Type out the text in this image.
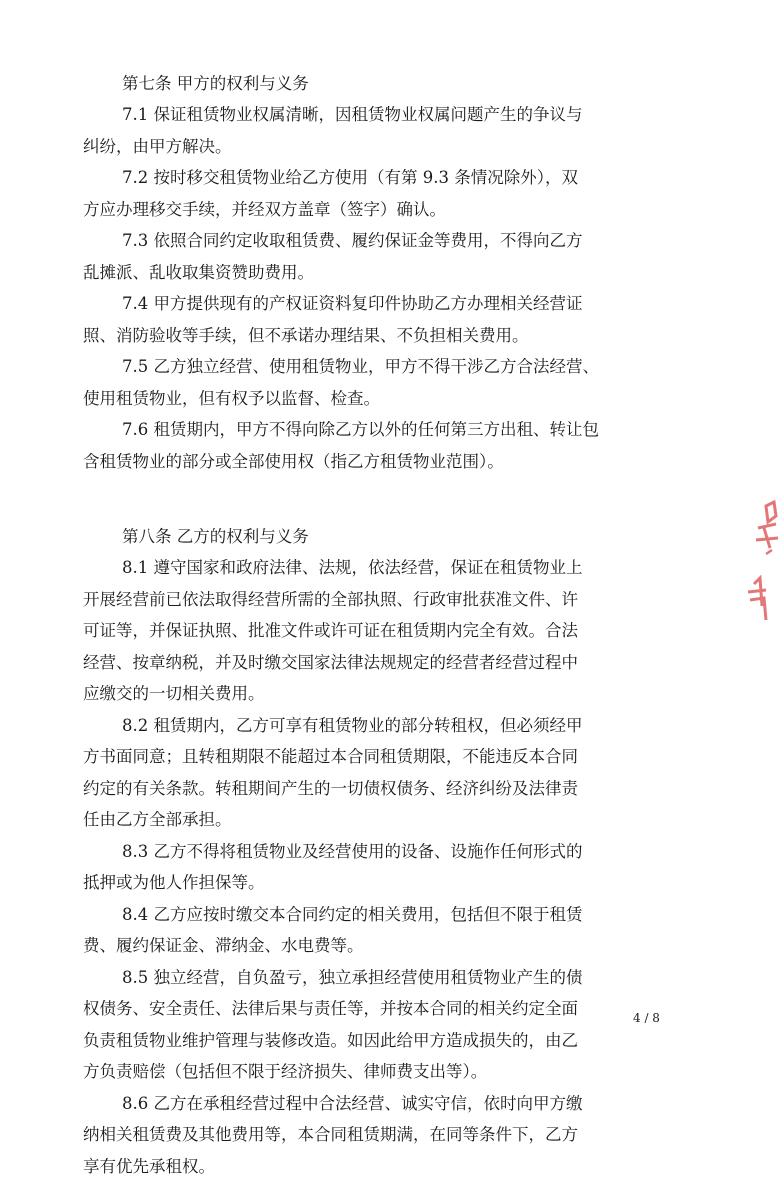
第七条 甲方的权利与义务

7.1 保证租赁物业权属清晰，因租赁物业权属问题产生的争议与

纠纷，由甲方解决。

7.2 按时移交租赁物业给乙方使用（有第 9.3 条情况除外），双

方应办理移交手续，并经双方盖章（签字）确认。

7.3 依照合同约定收取租赁费、履约保证金等费用，不得向乙方

乱摊派、乱收取集资赞助费用。

7.4 甲方提供现有的产权证资料复印件协助乙方办理相关经营证

照、消防验收等手续，但不承诺办理结果、不负担相关费用。

7.5 乙方独立经营、使用租赁物业，甲方不得干涉乙方合法经营、

使用租赁物业，但有权予以监督、检查。

7.6 租赁期内，甲方不得向除乙方以外的任何第三方出租、转让包

含租赁物业的部分或全部使用权（指乙方租赁物业范围）。

第八条 乙方的权利与义务

8.1 遵守国家和政府法律、法规，依法经营，保证在租赁物业上

开展经营前已依法取得经营所需的全部执照、行政审批获准文件、许

可证等，并保证执照、批准文件或许可证在租赁期内完全有效。合法

经营、按章纳税，并及时缴交国家法律法规规定的经营者经营过程中

应缴交的一切相关费用。

8.2 租赁期内，乙方可享有租赁物业的部分转租权，但必须经甲

方书面同意；且转租期限不能超过本合同租赁期限，不能违反本合同

约定的有关条款。转租期间产生的一切债权债务、经济纠纷及法律责

任由乙方全部承担。

8.3 乙方不得将租赁物业及经营使用的设备、设施作任何形式的

抵押或为他人作担保等。

8.4 乙方应按时缴交本合同约定的相关费用，包括但不限于租赁

费、履约保证金、滞纳金、水电费等。

8.5 独立经营，自负盈亏，独立承担经营使用租赁物业产生的债

权债务、安全责任、法律后果与责任等，并按本合同的相关约定全面

负责租赁物业维护管理与装修改造。如因此给甲方造成损失的，由乙

方负责赔偿（包括但不限于经济损失、律师费支出等）。

8.6 乙方在承租经营过程中合法经营、诚实守信，依时向甲方缴

纳相关租赁费及其他费用等，本合同租赁期满，在同等条件下，乙方

享有优先承租权。

4 / 8
